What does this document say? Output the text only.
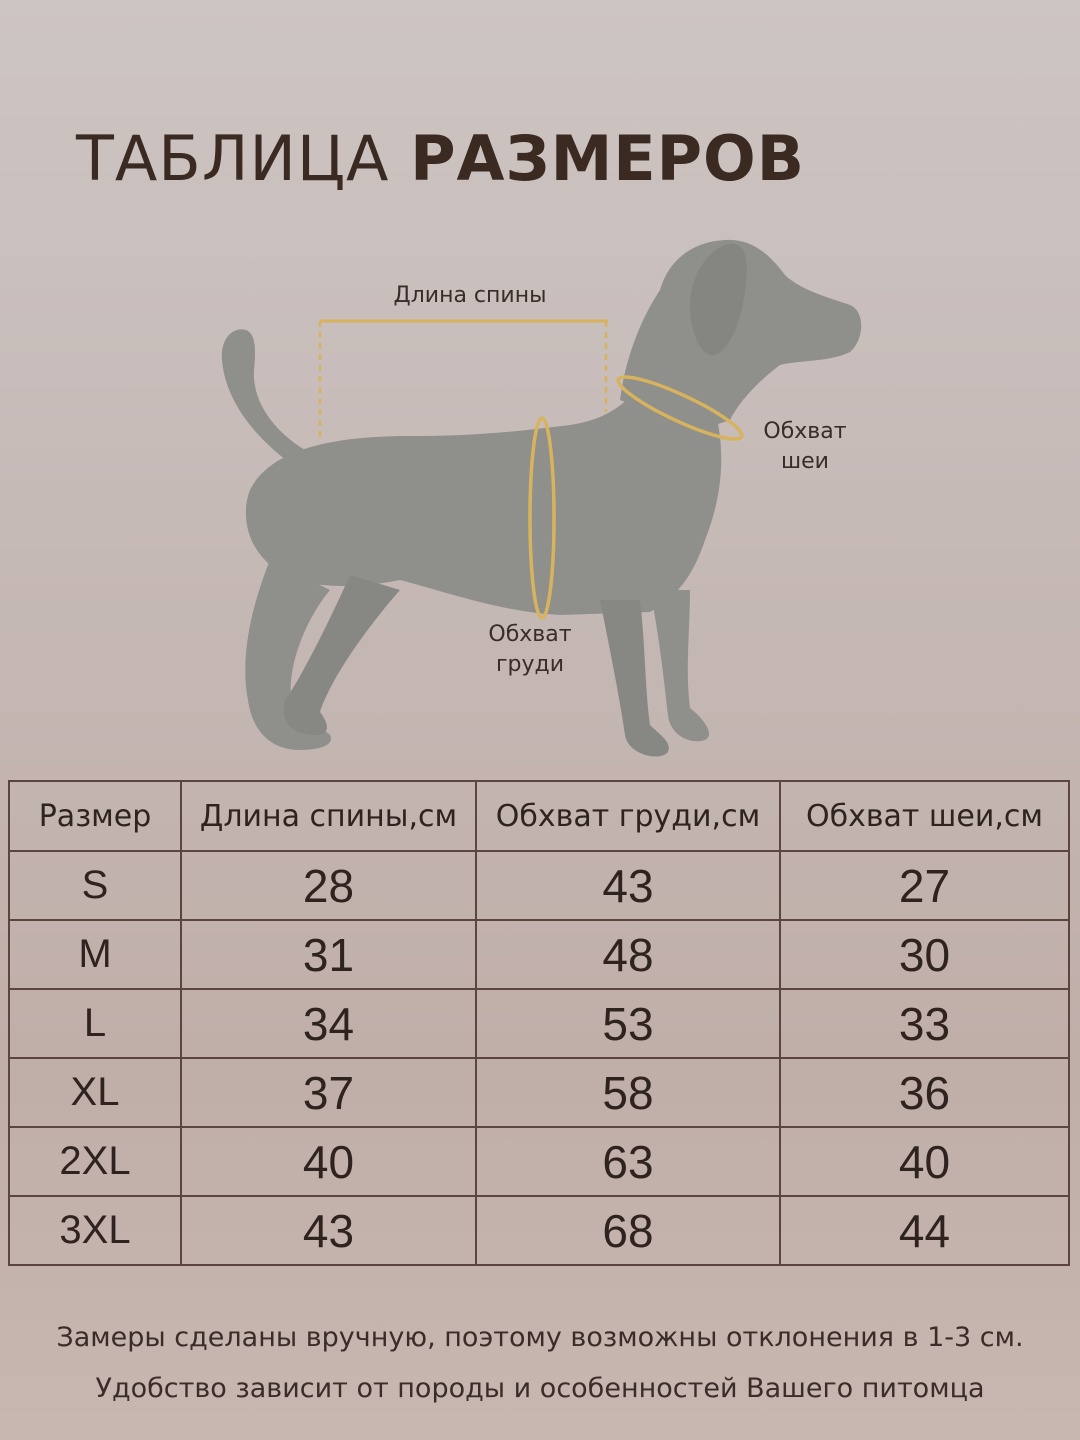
ТАБЛИЦА РАЗМЕРОВ
Длина спины
Обхват
шеи
Обхват
груди
Размер	Длина спины,см	Обхват груди,см	Обхват шеи,см
S	28	43	27
M	31	48	30
L	34	53	33
XL	37	58	36
2XL	40	63	40
3XL	43	68	44
Замеры сделаны вручную, поэтому возможны отклонения в 1-3 см.
Удобство зависит от породы и особенностей Вашего питомца
